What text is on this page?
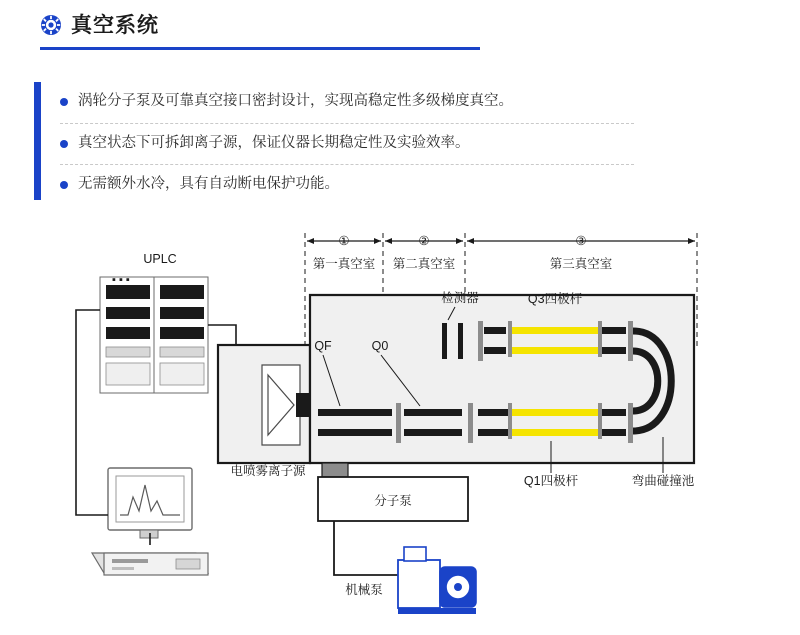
真空系统
涡轮分子泵及可靠真空接口密封设计，实现高稳定性多级梯度真空。
真空状态下可拆卸离子源，保证仪器长期稳定性及实验效率。
无需额外水冷，具有自动断电保护功能。
①	②	③
第一真空室 第二真空室	第三真空室
UPLC
▪ ▪ ▪
电喷雾离子源
检测器
QF	Q0
Q3四极杆
Q1四极杆	弯曲碰撞池
分子泵
机械泵
